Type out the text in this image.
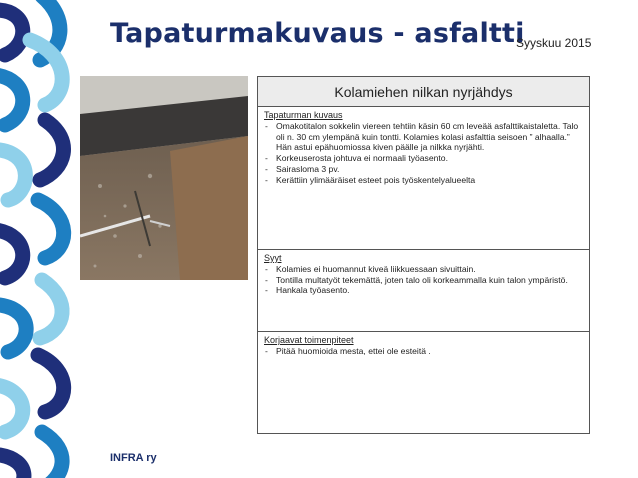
Tapaturmakuvaus - asfaltti
Syyskuu 2015
Kolamiehen nilkan nyrjähdys
Tapaturman kuvaus
- Omakotitalon sokkelin viereen tehtiin käsin 60 cm leveää asfalttikaistaletta. Talo oli n. 30 cm ylempänä kuin tontti. Kolamies kolasi asfalttia seisoen ” alhaalla.” Hän astui epähuomiossa kiven päälle ja nilkka nyrjähti.
- Korkeuserosta johtuva ei normaali työasento.
- Sairasloma 3 pv.
- Kerättiin ylimääräiset esteet pois työskentelyalueelta
Syyt
- Kolamies ei huomannut kiveä liikkuessaan sivuittain.
- Tontilla multatyöt tekemättä, joten talo oli korkeammalla kuin talon ympäristö.
- Hankala työasento.
Korjaavat toimenpiteet
- Pitää huomioida mesta, ettei ole esteitä .
INFRA ry
